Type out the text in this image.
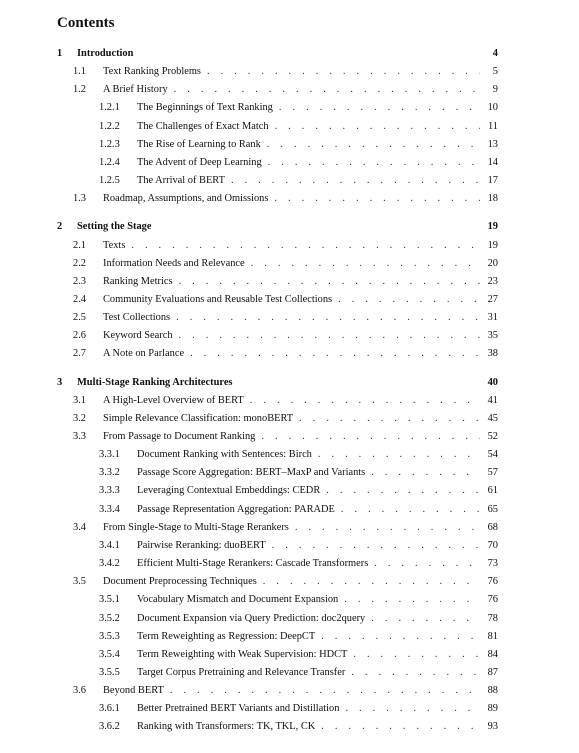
Contents
1	Introduction	4
1.1	Text Ranking Problems . . .	5
1.2	A Brief History . . .	9
1.2.1	The Beginnings of Text Ranking . . .	10
1.2.2	The Challenges of Exact Match . . .	11
1.2.3	The Rise of Learning to Rank . . .	13
1.2.4	The Advent of Deep Learning . . .	14
1.2.5	The Arrival of BERT . . .	17
1.3	Roadmap, Assumptions, and Omissions . . .	18
2	Setting the Stage	19
2.1	Texts . . .	19
2.2	Information Needs and Relevance . . .	20
2.3	Ranking Metrics . . .	23
2.4	Community Evaluations and Reusable Test Collections . . .	27
2.5	Test Collections . . .	31
2.6	Keyword Search . . .	35
2.7	A Note on Parlance . . .	38
3	Multi-Stage Ranking Architectures	40
3.1	A High-Level Overview of BERT . . .	41
3.2	Simple Relevance Classification: monoBERT . . .	45
3.3	From Passage to Document Ranking . . .	52
3.3.1	Document Ranking with Sentences: Birch . . .	54
3.3.2	Passage Score Aggregation: BERT–MaxP and Variants . . .	57
3.3.3	Leveraging Contextual Embeddings: CEDR . . .	61
3.3.4	Passage Representation Aggregation: PARADE . . .	65
3.4	From Single-Stage to Multi-Stage Rerankers . . .	68
3.4.1	Pairwise Reranking: duoBERT . . .	70
3.4.2	Efficient Multi-Stage Rerankers: Cascade Transformers . . .	73
3.5	Document Preprocessing Techniques . . .	76
3.5.1	Vocabulary Mismatch and Document Expansion . . .	76
3.5.2	Document Expansion via Query Prediction: doc2query . . .	78
3.5.3	Term Reweighting as Regression: DeepCT . . .	81
3.5.4	Term Reweighting with Weak Supervision: HDCT . . .	84
3.5.5	Target Corpus Pretraining and Relevance Transfer . . .	87
3.6	Beyond BERT . . .	88
3.6.1	Better Pretrained BERT Variants and Distillation . . .	89
3.6.2	Ranking with Transformers: TK, TKL, CK . . .	93
